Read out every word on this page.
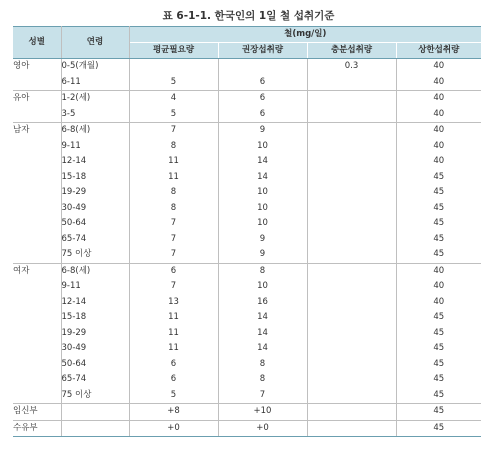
표 6-1-1. 한국인의 1일 철 섭취기준
성별	연령	철(mg/일)			
		평균필요량	권장섭취량	충분섭취량	상한섭취량
영아	0-5(개월)			0.3	40
	6-11	5	6		40
유아	1-2(세)	4	6		40
	3-5	5	6		40
남자	6-8(세)	7	9		40
	9-11	8	10		40
	12-14	11	14		40
	15-18	11	14		45
	19-29	8	10		45
	30-49	8	10		45
	50-64	7	10		45
	65-74	7	9		45
	75 이상	7	9		45
여자	6-8(세)	6	8		40
	9-11	7	10		40
	12-14	13	16		40
	15-18	11	14		45
	19-29	11	14		45
	30-49	11	14		45
	50-64	6	8		45
	65-74	6	8		45
	75 이상	5	7		45
임신부		+8	+10		45
수유부		+0	+0		45
